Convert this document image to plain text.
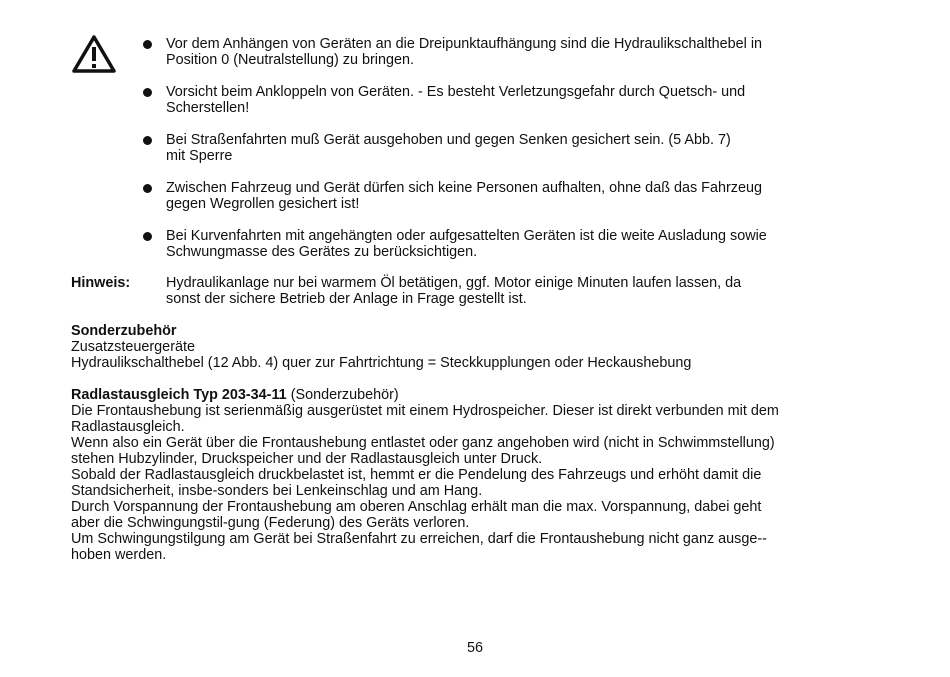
Vor dem Anhängen von Geräten an die Dreipunktaufhängung sind die Hydraulikschalthebel in
Position 0 (Neutralstellung) zu bringen.
Vorsicht beim Ankloppeln von Geräten. - Es besteht Verletzungsgefahr durch Quetsch- und
Scherstellen!
Bei Straßenfahrten muß Gerät ausgehoben und gegen Senken gesichert sein. (5 Abb. 7)
mit Sperre
Zwischen Fahrzeug und Gerät dürfen sich keine Personen aufhalten, ohne daß das Fahrzeug
gegen Wegrollen gesichert ist!
Bei Kurvenfahrten mit angehängten oder aufgesattelten Geräten ist die weite Ausladung sowie
Schwungmasse des Gerätes zu berücksichtigen.
Hinweis: Hydraulikanlage nur bei warmem Öl betätigen, ggf. Motor einige Minuten laufen lassen, da
sonst der sichere Betrieb der Anlage in Frage gestellt ist.
Sonderzubehör
Zusatzsteuergeräte
Hydraulikschalthebel (12 Abb. 4) quer zur Fahrtrichtung = Steckkupplungen oder Heckaushebung
Radlastausgleich Typ 203-34-11 (Sonderzubehör)
Die Frontaushebung ist serienmäßig ausgerüstet mit einem Hydrospeicher. Dieser ist direkt verbunden mit dem
Radlastausgleich.
Wenn also ein Gerät über die Frontaushebung entlastet oder ganz angehoben wird (nicht in Schwimmstellung)
stehen Hubzylinder, Druckspeicher und der Radlastausgleich unter Druck.
Sobald der Radlastausgleich druckbelastet ist, hemmt er die Pendelung des Fahrzeugs und erhöht damit die
Standsicherheit, insbe-sonders bei Lenkeinschlag und am Hang.
Durch Vorspannung der Frontaushebung am oberen Anschlag erhält man die max. Vorspannung, dabei geht
aber die Schwingungstil-gung (Federung) des Geräts verloren.
Um Schwingungstilgung am Gerät bei Straßenfahrt zu erreichen, darf die Frontaushebung nicht ganz ausge--
hoben werden.
56
